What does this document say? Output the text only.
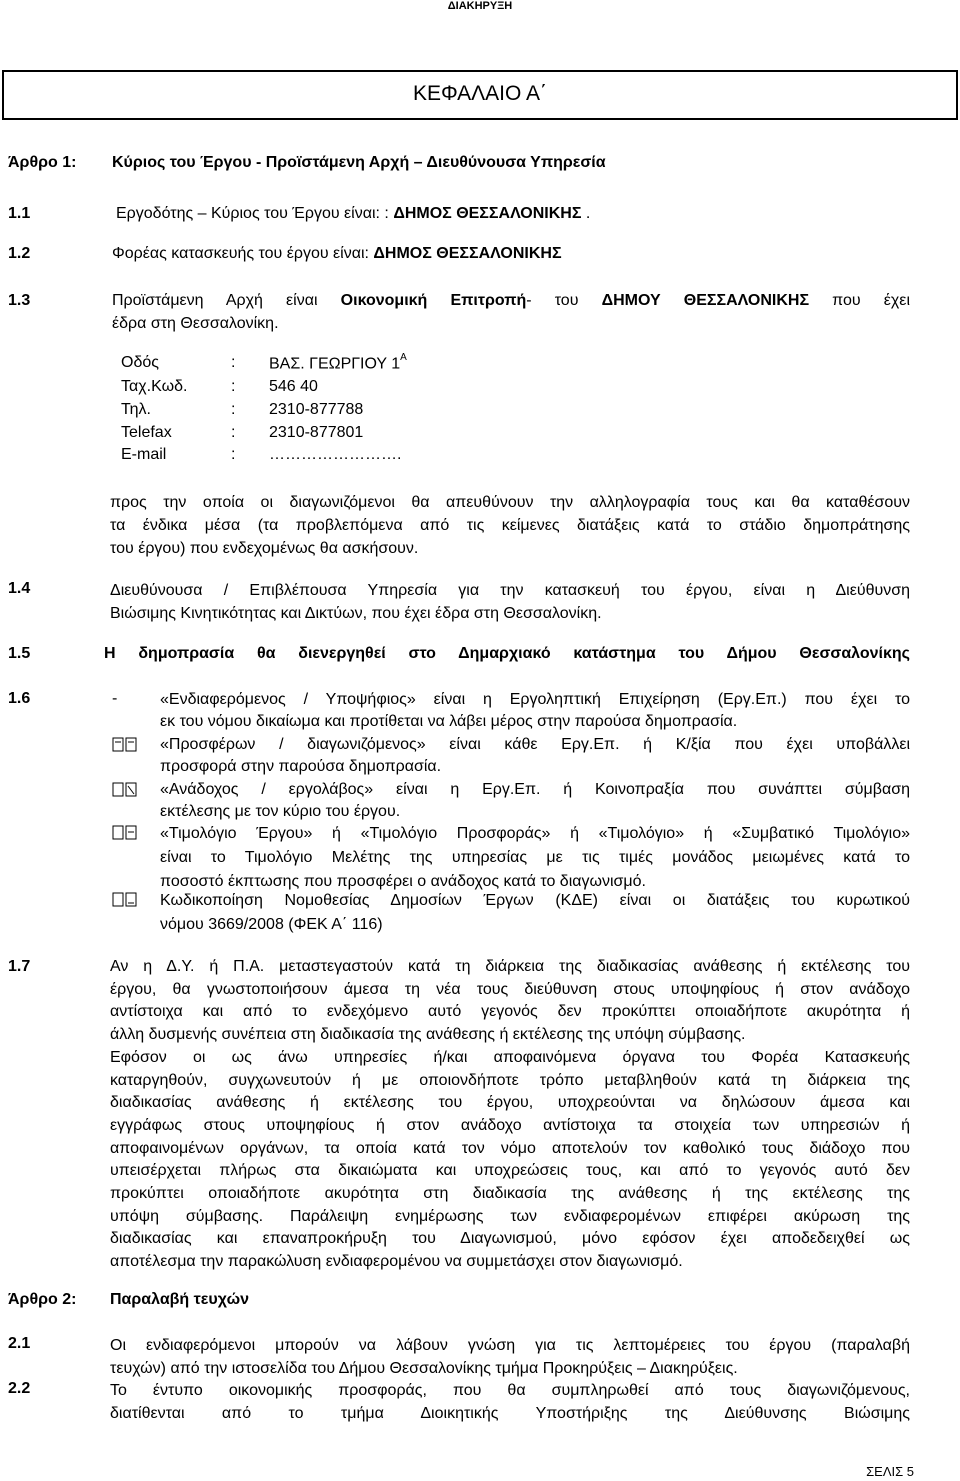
ΔΙΑΚΗΡΥΞΗ
ΚΕΦΑΛΑΙΟ Α΄
Άρθρο 1: Κύριος του Έργου - Προϊστάμενη Αρχή – Διευθύνουσα Υπηρεσία
1.1	Εργοδότης – Κύριος του Έργου είναι: : ΔΗΜΟΣ ΘΕΣΣΑΛΟΝΙΚΗΣ .
1.2	Φορέας κατασκευής του έργου είναι: ΔΗΜΟΣ ΘΕΣΣΑΛΟΝΙΚΗΣ
1.3	Προϊστάμενη Αρχή είναι Οικονομική Επιτροπή- του ΔΗΜΟΥ ΘΕΣΣΑΛΟΝΙΚΗΣ που έχει
έδρα στη Θεσσαλονίκη.
Οδός	: ΒΑΣ. ΓΕΩΡΓΙΟΥ $1^A$
Ταχ.Κωδ.	: 546 40
Τηλ.	: 2310-877788
Telefax	: 2310-877801
E-mail	: …………………….
προς την οποία οι διαγωνιζόμενοι θα απευθύνουν την αλληλογραφία τους και θα καταθέσουν
τα ένδικα μέσα (τα προβλεπόμενα από τις κείμενες διατάξεις κατά το στάδιο δημοπράτησης
του έργου) που ενδεχομένως θα ασκήσουν.
1.4	Διευθύνουσα / Επιβλέπουσα Υπηρεσία για την κατασκευή του έργου, είναι η Διεύθυνση
Βιώσιμης Κινητικότητας και Δικτύων, που έχει έδρα στη Θεσσαλονίκη.
1.5	Η δημοπρασία θα διενεργηθεί στο Δημαρχιακό κατάστημα του Δήμου Θεσσαλονίκης
1.6	-	«Ενδιαφερόμενος / Υποψήφιος» είναι η Εργοληπτική Επιχείρηση (Εργ.Επ.) που έχει το
εκ του νόμου δικαίωμα και προτίθεται να λάβει μέρος στην παρούσα δημοπρασία.
«Προσφέρων / διαγωνιζόμενος» είναι κάθε Εργ.Επ. ή Κ/ξία που έχει υποβάλλει
προσφορά στην παρούσα δημοπρασία.
«Ανάδοχος / εργολάβος» είναι η Εργ.Επ. ή Κοινοπραξία που συνάπτει σύμβαση
εκτέλεσης με τον κύριο του έργου.
«Τιμολόγιο Έργου» ή «Τιμολόγιο Προσφοράς» ή «Τιμολόγιο» ή «Συμβατικό Τιμολόγιο»
είναι το Τιμολόγιο Μελέτης της υπηρεσίας με τις τιμές μονάδος μειωμένες κατά το
ποσοστό έκπτωσης που προσφέρει ο ανάδοχος κατά το διαγωνισμό.
Κωδικοποίηση Νομοθεσίας Δημοσίων Έργων (ΚΔΕ) είναι οι διατάξεις του κυρωτικού
νόμου 3669/2008 (ΦΕΚ Α΄ 116)
1.7	Αν η Δ.Υ. ή Π.Α. μεταστεγαστούν κατά τη διάρκεια της διαδικασίας ανάθεσης ή εκτέλεσης του
έργου, θα γνωστοποιήσουν άμεσα τη νέα τους διεύθυνση στους υποψηφίους ή στον ανάδοχο
αντίστοιχα και από το ενδεχόμενο αυτό γεγονός δεν προκύπτει οποιαδήποτε ακυρότητα ή
άλλη δυσμενής συνέπεια στη διαδικασία της ανάθεσης ή εκτέλεσης της υπόψη σύμβασης.
Εφόσον οι ως άνω υπηρεσίες ή/και αποφαινόμενα όργανα του Φορέα Κατασκευής
καταργηθούν, συγχωνευτούν ή με οποιονδήποτε τρόπο μεταβληθούν κατά τη διάρκεια της
διαδικασίας ανάθεσης ή εκτέλεσης του έργου, υποχρεούνται να δηλώσουν άμεσα και
εγγράφως στους υποψηφίους ή στον ανάδοχο αντίστοιχα τα στοιχεία των υπηρεσιών ή
αποφαινομένων οργάνων, τα οποία κατά τον νόμο αποτελούν τον καθολικό τους διάδοχο που
υπεισέρχεται πλήρως στα δικαιώματα και υποχρεώσεις τους, και από το γεγονός αυτό δεν
προκύπτει οποιαδήποτε ακυρότητα στη διαδικασία της ανάθεσης ή της εκτέλεσης της
υπόψη σύμβασης. Παράλειψη ενημέρωσης των ενδιαφερομένων επιφέρει ακύρωση της
διαδικασίας και επαναπροκήρυξη του Διαγωνισμού, μόνο εφόσον έχει αποδεδειχθεί ως
αποτέλεσμα την παρακώλυση ενδιαφερομένου να συμμετάσχει στον διαγωνισμό.
Άρθρο 2: Παραλαβή τευχών
2.1	Οι ενδιαφερόμενοι μπορούν να λάβουν γνώση για τις λεπτομέρειες του έργου (παραλαβή
τευχών) από την ιστοσελίδα του Δήμου Θεσσαλονίκης τμήμα Προκηρύξεις – Διακηρύξεις.
2.2	Το έντυπο οικονομικής προσφοράς, που θα συμπληρωθεί από τους διαγωνιζόμενους,
διατίθενται από το τμήμα Διοικητικής Υποστήριξης της Διεύθυνσης Βιώσιμης
ΣΕΛΙΣ 5
